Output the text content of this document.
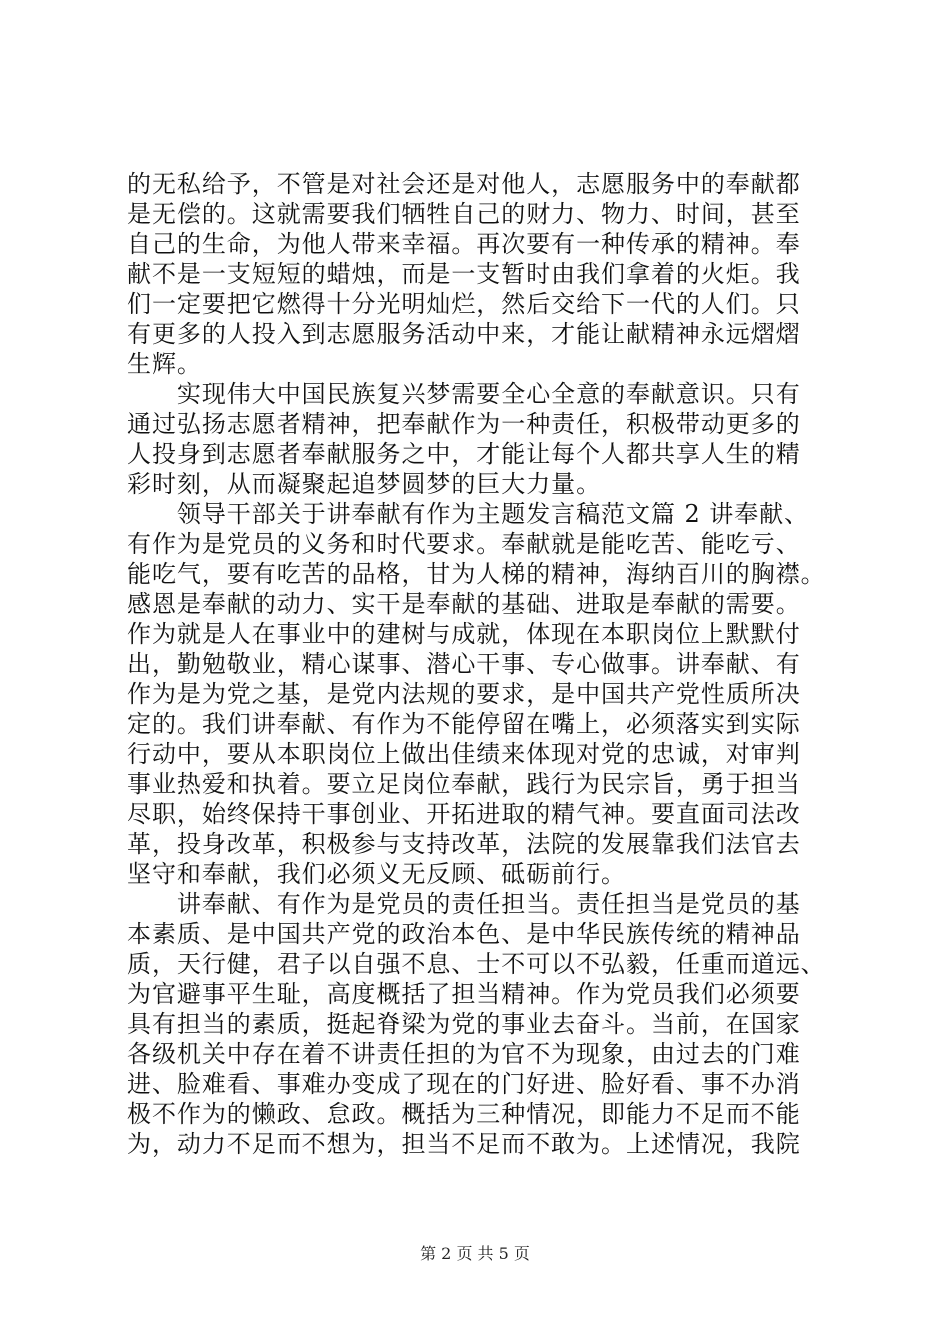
的无私给予，不管是对社会还是对他人，志愿服务中的奉献都
是无偿的。这就需要我们牺牲自己的财力、物力、时间，甚至
自己的生命，为他人带来幸福。再次要有一种传承的精神。奉
献不是一支短短的蜡烛，而是一支暂时由我们拿着的火炬。我
们一定要把它燃得十分光明灿烂，然后交给下一代的人们。只
有更多的人投入到志愿服务活动中来，才能让献精神永远熠熠
生辉。
　　实现伟大中国民族复兴梦需要全心全意的奉献意识。只有
通过弘扬志愿者精神，把奉献作为一种责任，积极带动更多的
人投身到志愿者奉献服务之中，才能让每个人都共享人生的精
彩时刻，从而凝聚起追梦圆梦的巨大力量。
　　领导干部关于讲奉献有作为主题发言稿范文篇 2 讲奉献、
有作为是党员的义务和时代要求。奉献就是能吃苦、能吃亏、
能吃气，要有吃苦的品格，甘为人梯的精神，海纳百川的胸襟。
感恩是奉献的动力、实干是奉献的基础、进取是奉献的需要。
作为就是人在事业中的建树与成就，体现在本职岗位上默默付
出，勤勉敬业，精心谋事、潜心干事、专心做事。讲奉献、有
作为是为党之基，是党内法规的要求，是中国共产党性质所决
定的。我们讲奉献、有作为不能停留在嘴上，必须落实到实际
行动中，要从本职岗位上做出佳绩来体现对党的忠诚，对审判
事业热爱和执着。要立足岗位奉献，践行为民宗旨，勇于担当
尽职，始终保持干事创业、开拓进取的精气神。要直面司法改
革，投身改革，积极参与支持改革，法院的发展靠我们法官去
坚守和奉献，我们必须义无反顾、砥砺前行。
　　讲奉献、有作为是党员的责任担当。责任担当是党员的基
本素质、是中国共产党的政治本色、是中华民族传统的精神品
质，天行健，君子以自强不息、士不可以不弘毅，任重而道远、
为官避事平生耻，高度概括了担当精神。作为党员我们必须要
具有担当的素质，挺起脊梁为党的事业去奋斗。当前，在国家
各级机关中存在着不讲责任担的为官不为现象，由过去的门难
进、脸难看、事难办变成了现在的门好进、脸好看、事不办消
极不作为的懒政、怠政。概括为三种情况，即能力不足而不能
为，动力不足而不想为，担当不足而不敢为。上述情况，我院
第 2 页 共 5 页
